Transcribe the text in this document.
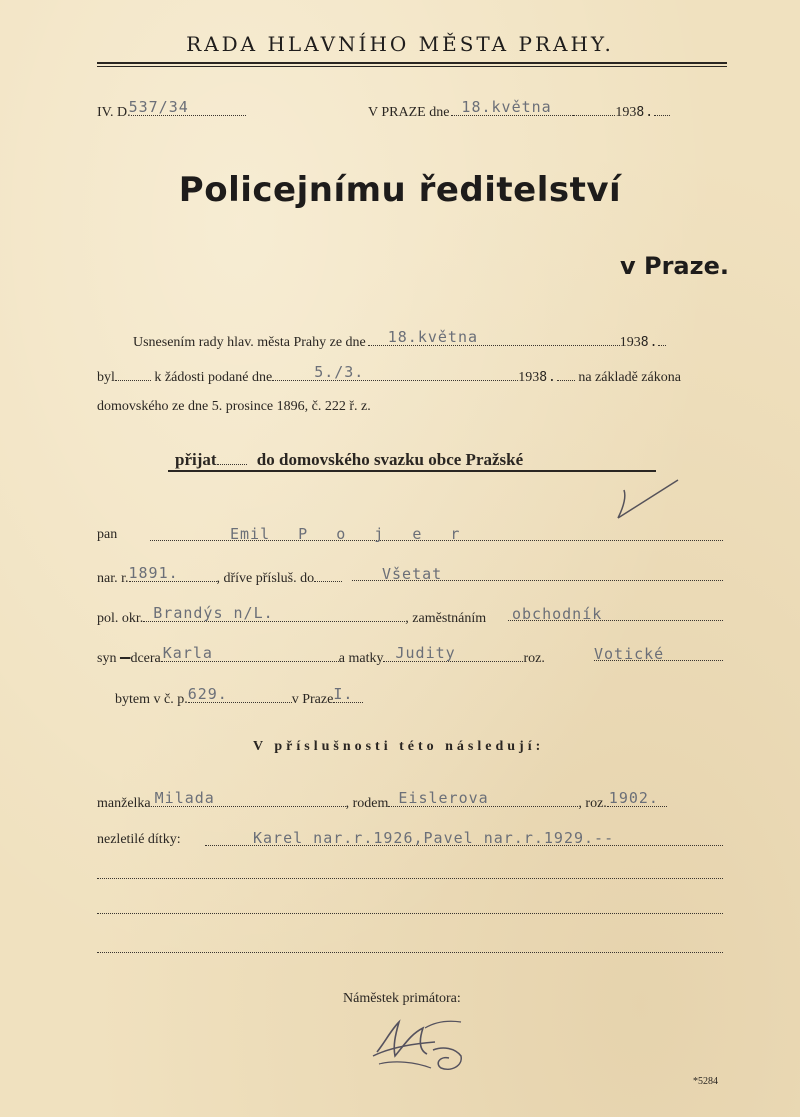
RADA HLAVNÍHO MĚSTA PRAHY.
IV. D.
537/34	V PRAZE dne 18.května	1938.
Policejnímu ředitelství
v Praze.
Usnesením rady hlav. města Prahy ze dne 18.května	1938.
byl	k žádosti podané dne	5./3.	1938. na základě zákona
domovského ze dne 5. prosince 1896, č. 222 ř. z.
přijat do domovského svazku obce Pražské
pan	Emil P o j e r
nar. r. 1891.	, dříve přísluš. do	Všetat
pol. okr. Brandýs n/L.	, zaměstnáním obchodník
syn dcera Karla	a matky Judity	roz.	Votické
bytem v č. p. 629.	v Praze I.
V příslušnosti této následují:
manželka Milada	, rodem Eislerova	, roz. 1902.
nezletilé dítky:	Karel nar.r.1926,Pavel nar.r.1929.--
Náměstek primátora:
*5284
